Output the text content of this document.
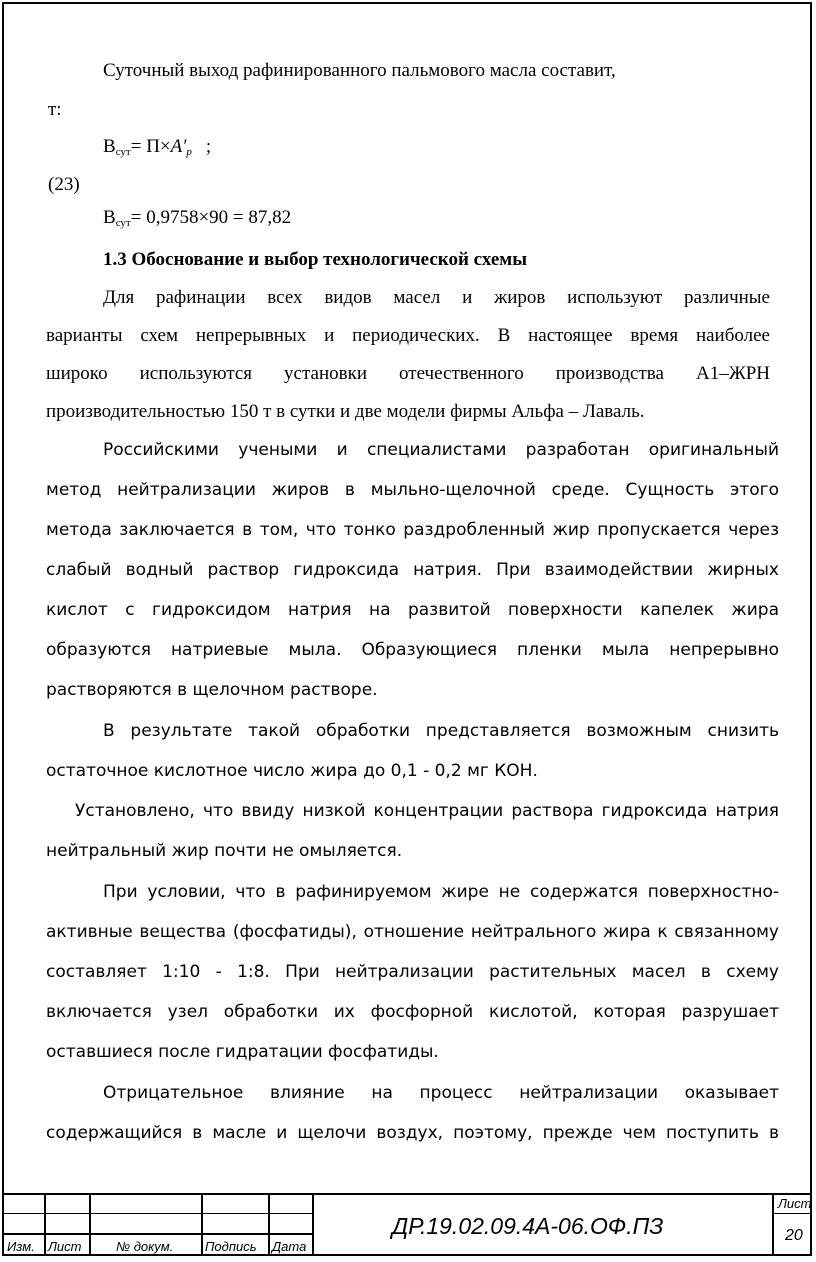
Суточный выход рафинированного пальмового масла составит,
т:
$В_{сут}= П\times A'_р$ ;
(23)
$В_{сут}= 0,9758\times 90 = 87,82$
1.3 Обоснование и выбор технологической схемы
Для рафинации всех видов масел и жиров используют различные
варианты схем непрерывных и периодических. В настоящее время наиболее
широко используются установки отечественного производства А1–ЖРН
производительностью 150 т в сутки и две модели фирмы Альфа – Лаваль.
Российскими учеными и специалистами разработан оригинальный
метод нейтрализации жиров в мыльно-щелочной среде. Сущность этого
метода заключается в том, что тонко раздробленный жир пропускается через
слабый водный раствор гидроксида натрия. При взаимодействии жирных
кислот с гидроксидом натрия на развитой поверхности капелек жира
образуются натриевые мыла. Образующиеся пленки мыла непрерывно
растворяются в щелочном растворе.
В результате такой обработки представляется возможным снизить
остаточное кислотное число жира до 0,1 - 0,2 мг КОН.
Установлено, что ввиду низкой концентрации раствора гидроксида натрия
нейтральный жир почти не омыляется.
При условии, что в рафинируемом жире не содержатся поверхностно-
активные вещества (фосфатиды), отношение нейтрального жира к связанному
составляет 1:10 - 1:8. При нейтрализации растительных масел в схему
включается узел обработки их фосфорной кислотой, которая разрушает
оставшиеся после гидратации фосфатиды.
Отрицательное влияние на процесс нейтрализации оказывает
содержащийся в масле и щелочи воздух, поэтому, прежде чем поступить в
Изм. Лист	№ докум. Подпись Дата
ДР.19.02.09.4А-06.ОФ.ПЗ
Лист
20
